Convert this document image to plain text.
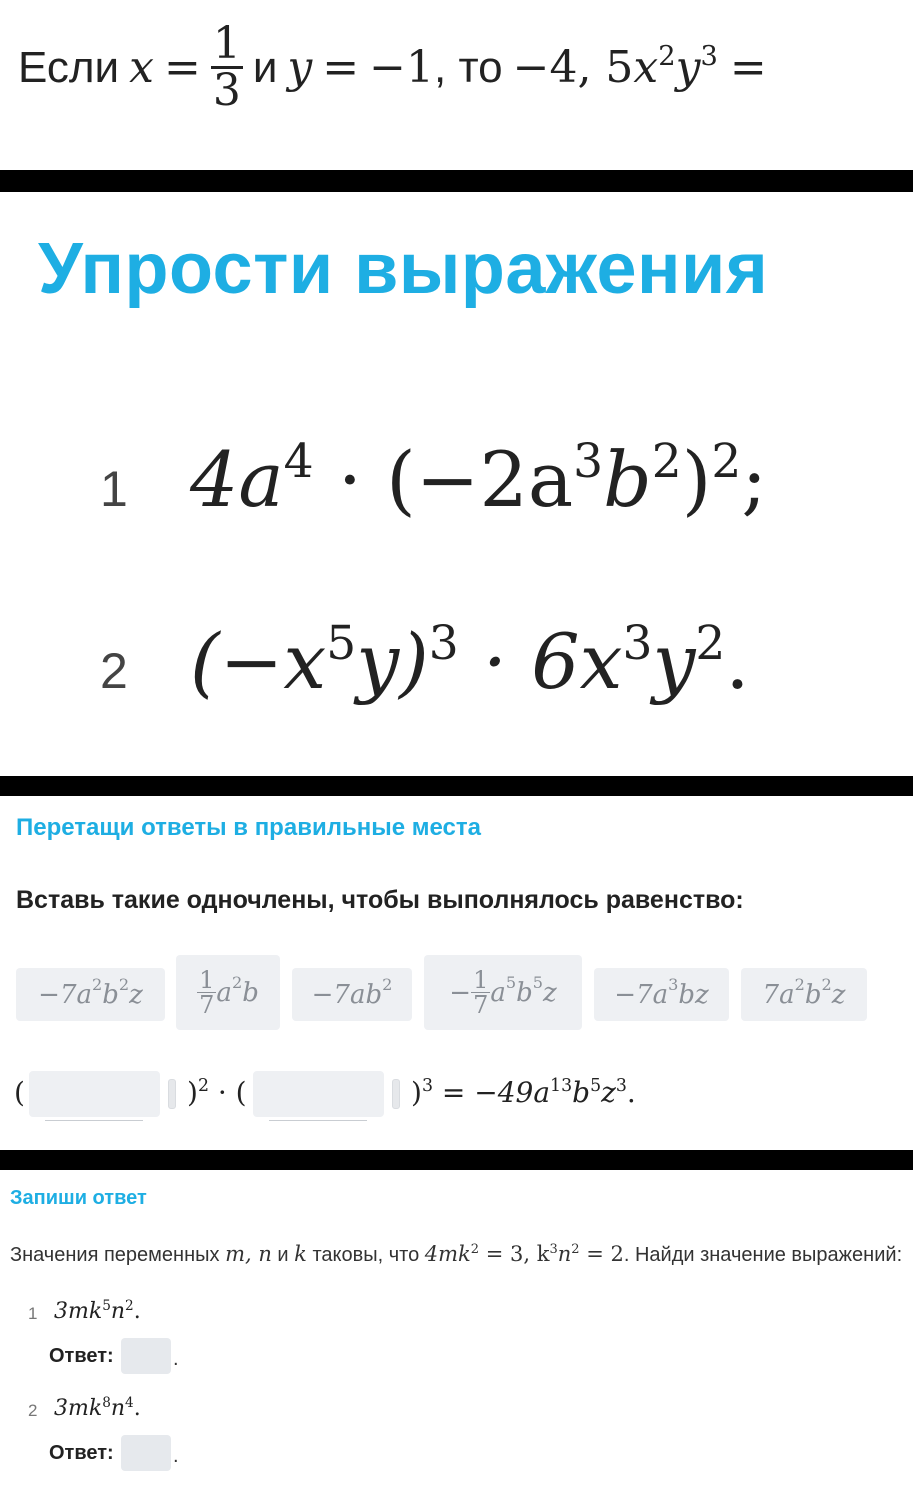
Если $x = \frac{1}{3}$ и y = −1 , то −4, $5x^2y^3$ =
Упрости выражения
1 $4a^4 \cdot (-2a^3b^2)^2$;
2 $(-x^5y)^3 \cdot 6x^3y^2$.
Перетащи ответы в правильные места
Вставь такие одночлены, чтобы выполнялось равенство:
$-7a^2$ $b^2$ z $\frac{1}{7} a^2$ $b -7ab^2 - \frac{1}{7} a^5$ $b^5$ $z -7a^3$ bz $7a^2$ $b^2$ z
(	)$^2$ · (	)$^3 = -49a^{13}b^5z^3$.
Запиши ответ
Значения переменных m, n и k таковы, что $4mk^2 = 3$, $k^3n^2 = 2$. Найди значение выражений:
1 $3mk^5n^2$.
Ответ:	.
2 $3mk^8n^4$.
Ответ:	.
